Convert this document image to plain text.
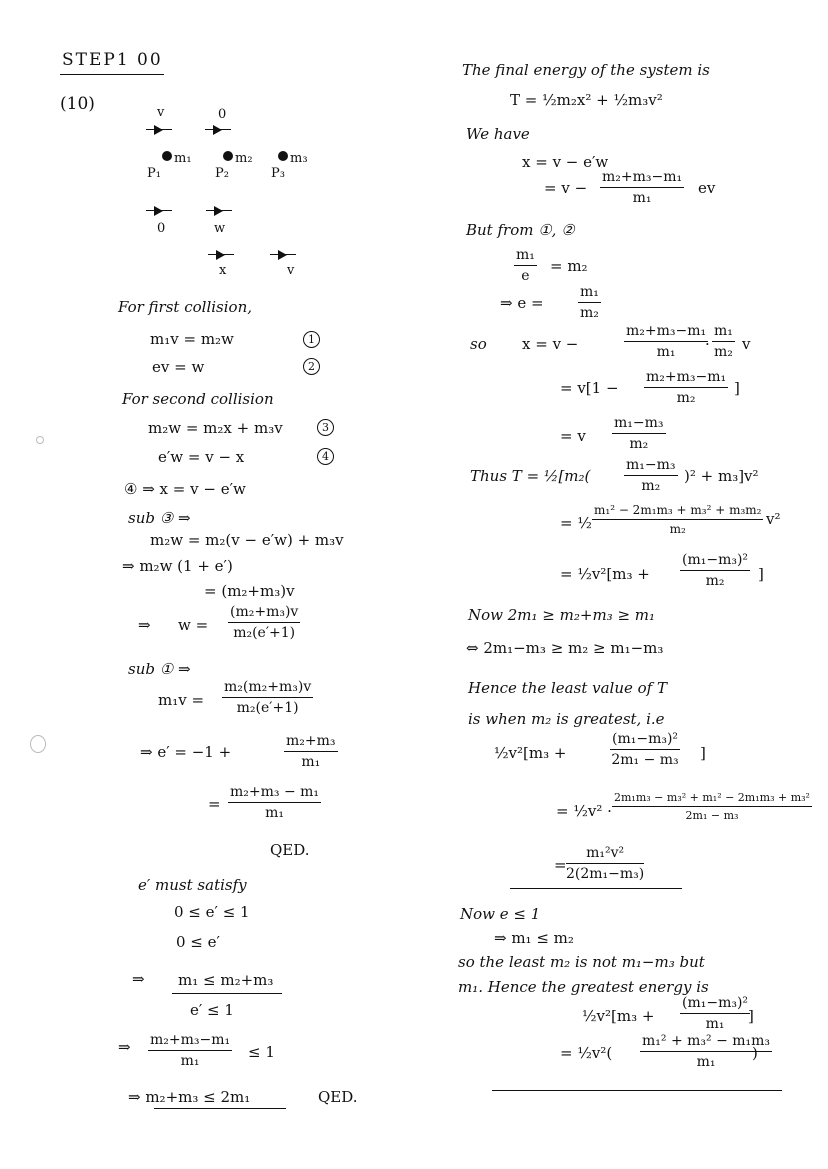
STEP1 00
(10)	v	0
m₁	m₂	m₃
P₁	P₂	P₃
0	w
x	v
For first collision,
m₁v = m₂w	1
ev = w	2
For second collision
m₂w = m₂x + m₃v	3
e′w = v − x	4
④ ⇒ x = v − e′w
sub ③ ⇒
m₂w = m₂(v − e′w) + m₃v
⇒ m₂w (1 + e′)
= (m₂+m₃)v
⇒ $w = \frac{\text{(m₂+m₃)v}}{\text{m₂(e′+1)}}$
sub ① ⇒
$m_1v = \frac{\text{m₂(m₂+m₃)v}}{\text{m₂(e′+1)}}$
⇒ e′ = −1 +	$\frac{\text{m₂+m₃}}{\text{m₁}}$
= $\frac{\text{m₂+m₃ − m₁}}{\text{m₁}}$
QED.
e′ must satisfy
0 ≤ e′ ≤ 1
0 ≤ e′
⇒ m₁ ≤ m₂+m₃
e′ ≤ 1
⇒ $\frac{\text{m₂+m₃−m₁}}{\text{m₁}} \le 1$
⇒ m₂+m₃ ≤ 2m₁	QED.
The final energy of the system is
T = ½m₂x² + ½m₃v²
We have
x = v − e′w
= $v - \frac{\text{m₂+m₃−m₁}}{\text{m₁}}$ ev
But from ①, ②
$\frac{\text{m₁}}{e} = m_2$
⇒ $e = \frac{\text{m₁}}{\text{m₂}}$
so x = v −	$\frac{\text{m₂+m₃−m₁}}{\text{m₁}}$
· $\frac{\text{m₁}}{\text{m₂}}$ v
= $v[1 - \frac{\text{m₂+m₃−m₁}}{\text{m₂}}$ ]
= v $\frac{\text{m₁−m₃}}{\text{m₂}}$
Thus T = ½[m₂( $\frac{\text{m₁−m₃}}{\text{m₂}} )^2 + m_3]v^2$
= ½ $\frac{\text{m₁² − 2m₁m₃ + m₃² + m₃m₂}}{\text{m₂}} v^2$
= ½v²[m₃ + $\frac{\text{(m₁−m₃)²}}{\text{m₂}}$ ]
Now 2m₁ ≥ m₂+m₃ ≥ m₁
⇔ 2m₁−m₃ ≥ m₂ ≥ m₁−m₃
Hence the least value of T
is when m₂ is greatest, i.e
½v²[m₃ +	$\frac{\text{(m₁−m₃)²}}{\text{2m₁ − m₃}}$ ]
= ½v² · $\frac{\text{2m₁m₃ − m₃² + m₁² − 2m₁m₃ + m₃²}}{\text{2m₁ − m₃}}$
= $\frac{\text{m₁²v²}}{\text{2(2m₁−m₃)}}$
Now e ≤ 1
⇒ m₁ ≤ m₂
so the least m₂ is not m₁−m₃ but
m₁. Hence the greatest energy is
½v²[m₃ + $\frac{\text{(m₁−m₃)²}}{\text{m₁}}$
]
= ½v²( $\frac{\text{m₁² + m₃² − m₁m₃}}{\text{m₁}}$
)
